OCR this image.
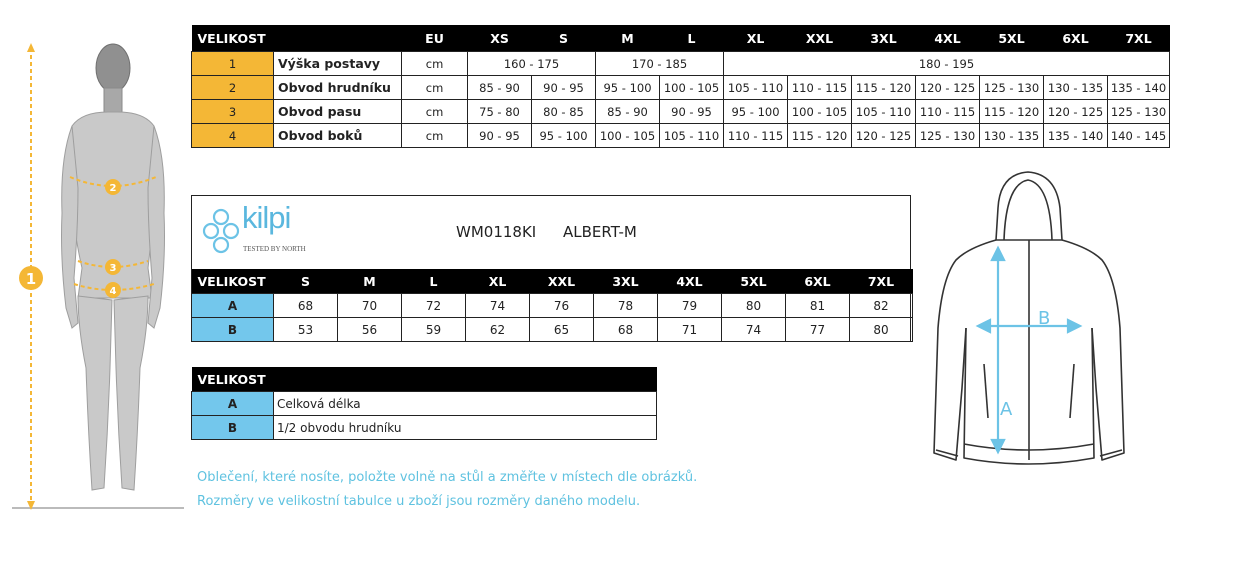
1
2
3
4
VELIKOST		EU	XS	S	M	L	XL	XXL	3XL	4XL	5XL	6XL	7XL
1	Výška postavy	cm	160 - 175		170 - 185		180 - 195						
2	Obvod hrudníku	cm	85 - 90	90 - 95	95 - 100	100 - 105	105 - 110	110 - 115	115 - 120	120 - 125	125 - 130	130 - 135	135 - 140
3	Obvod pasu	cm	75 - 80	80 - 85	85 - 90	90 - 95	95 - 100	100 - 105	105 - 110	110 - 115	115 - 120	120 - 125	125 - 130
4	Obvod boků	cm	90 - 95	95 - 100	100 - 105	105 - 110	110 - 115	115 - 120	120 - 125	125 - 130	130 - 135	135 - 140	140 - 145
kilpi
TESTED BY NORTH
WM0118KI ALBERT-M
VELIKOST	S	M	L	XL	XXL	3XL	4XL	5XL	6XL	7XL
A	68	70	72	74	76	78	79	80	81	82
B	53	56	59	62	65	68	71	74	77	80
VELIKOST	
A	Celková délka
B	1/2 obvodu hrudníku
Oblečení, které nosíte, položte volně na stůl a změřte v místech dle obrázků.
Rozměry ve velikostní tabulce u zboží jsou rozměry daného modelu.
A
B
